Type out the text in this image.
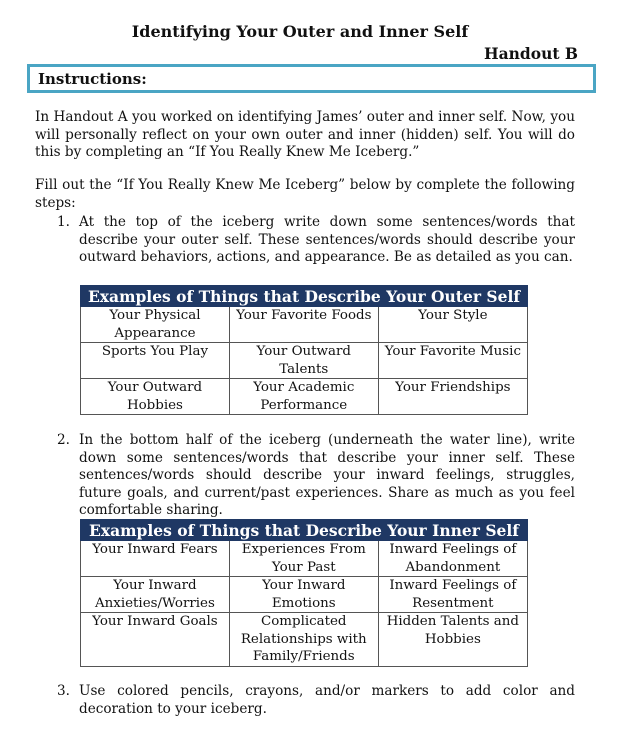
Identifying Your Outer and Inner Self
Handout B
Instructions:
In Handout A you worked on identifying James’ outer and inner self. Now, you will personally reflect on your own outer and inner (hidden) self. You will do this by completing an “If You Really Knew Me Iceberg.”
Fill out the “If You Really Knew Me Iceberg” below by complete the following steps:
1. At the top of the iceberg write down some sentences/words that describe your outer self. These sentences/words should describe your outward behaviors, actions, and appearance. Be as detailed as you can.
Examples of Things that Describe Your Outer Self		
Your Physical Appearance	Your Favorite Foods	Your Style
Sports You Play	Your Outward Talents	Your Favorite Music
Your Outward Hobbies	Your Academic Performance	Your Friendships
2. In the bottom half of the iceberg (underneath the water line), write down some sentences/words that describe your inner self. These sentences/words should describe your inward feelings, struggles, future goals, and current/past experiences. Share as much as you feel comfortable sharing.
Examples of Things that Describe Your Inner Self		
Your Inward Fears	Experiences From Your Past	Inward Feelings of Abandonment
Your Inward Anxieties/Worries	Your Inward Emotions	Inward Feelings of Resentment
Your Inward Goals	Complicated Relationships with Family/Friends	Hidden Talents and Hobbies
3. Use colored pencils, crayons, and/or markers to add color and decoration to your iceberg.
